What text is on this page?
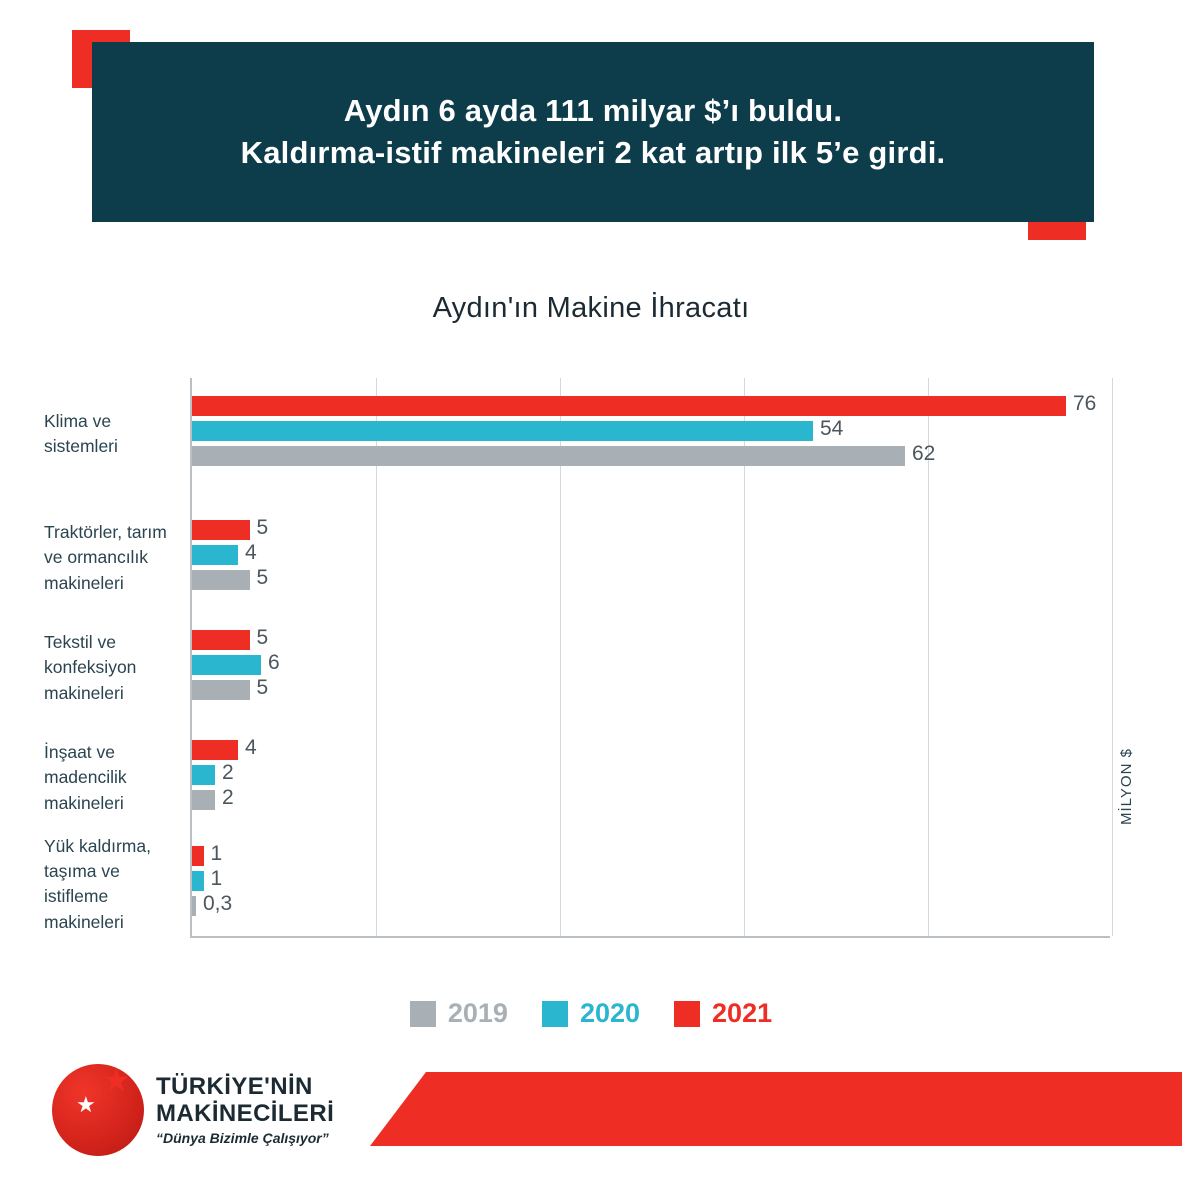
Aydın 6 ayda 111 milyar $’ı buldu.
Kaldırma-istif makineleri 2 kat artıp ilk 5’e girdi.
Aydın'ın Makine İhracatı
76
54
62
5
4
5
5
6
5
4
2
2
1
1
0,3
MİLYON $
Klima ve
sistemleri
Traktörler, tarım
ve ormancılık
makineleri
Tekstil ve
konfeksiyon
makineleri
İnşaat ve
madencilik
makineleri
Yük kaldırma,
taşıma ve
istifleme
makineleri
2019	2020	2021
★
★ TÜRKİYE'NİN
MAKİNECİLERİ
“Dünya Bizimle Çalışıyor”
